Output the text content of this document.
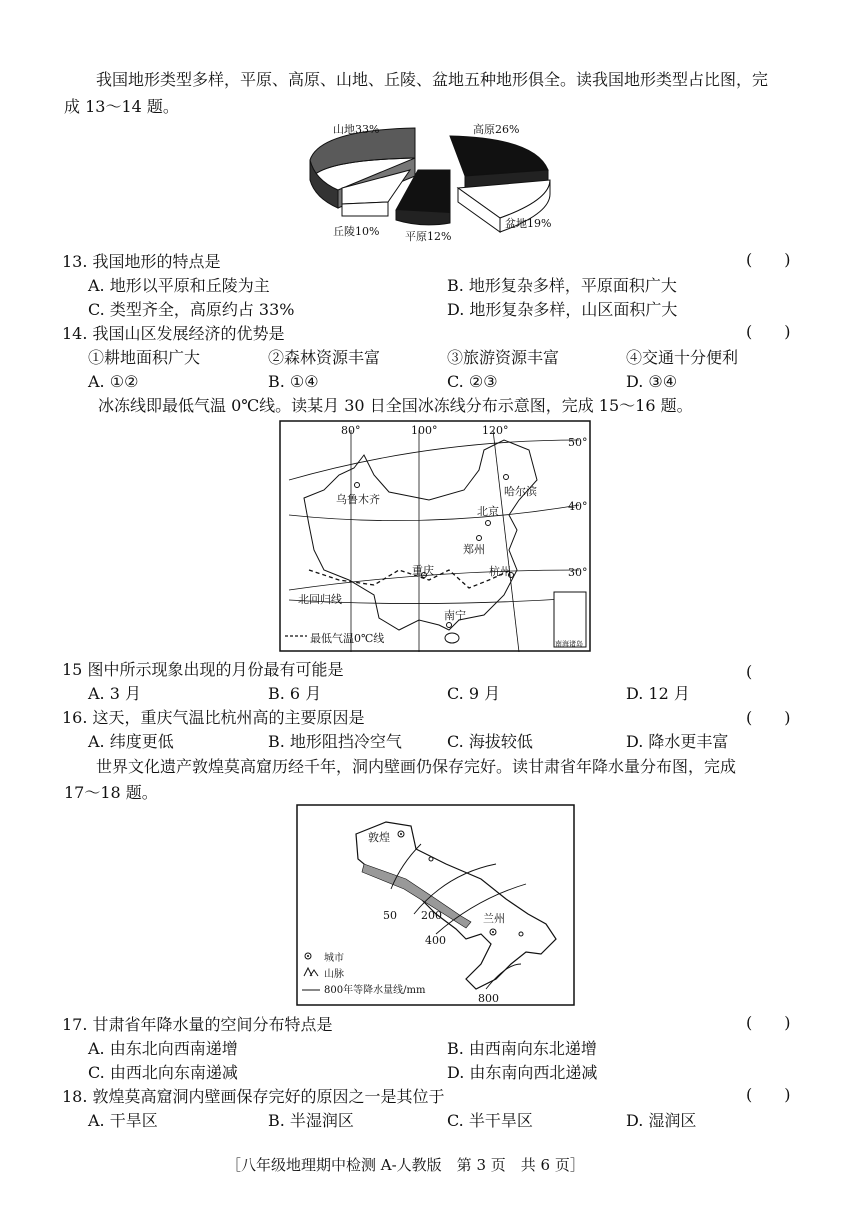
我国地形类型多样，平原、高原、山地、丘陵、盆地五种地形俱全。读我国地形类型占比图，完
成 13～14 题。
山地33%	高原26%
丘陵10% 平原12%
盆地19%
13. 我国地形的特点是	(　　)
A. 地形以平原和丘陵为主	B. 地形复杂多样，平原面积广大
C. 类型齐全，高原约占 33%	D. 地形复杂多样，山区面积广大
14. 我国山区发展经济的优势是	(　　)
①耕地面积广大	②森林资源丰富	③旅游资源丰富	④交通十分便利
A. ①②	B. ①④	C. ②③	D. ③④
冰冻线即最低气温 0℃线。读某月 30 日全国冰冻线分布示意图，完成 15～16 题。
80°	100°	120°
50°
40°
30°
乌鲁木齐
哈尔滨
北京
郑州
重庆	杭州
南宁
北回归线
最低气温0℃线	南海诸岛
15 图中所示现象出现的月份最有可能是	(
A. 3 月	B. 6 月	C. 9 月	D. 12 月
16. 这天，重庆气温比杭州高的主要原因是	(　　)
A. 纬度更低	B. 地形阻挡冷空气	C. 海拔较低	D. 降水更丰富
世界文化遗产敦煌莫高窟历经千年，洞内壁画仍保存完好。读甘肃省年降水量分布图，完成
17～18 题。
敦煌
兰州
50 200
400
800
城市
山脉
800年等降水量线/mm
17. 甘肃省年降水量的空间分布特点是	(　　)
A. 由东北向西南递增	B. 由西南向东北递增
C. 由西北向东南递减	D. 由东南向西北递减
18. 敦煌莫高窟洞内壁画保存完好的原因之一是其位于	(　　)
A. 干旱区	B. 半湿润区	C. 半干旱区	D. 湿润区
［八年级地理期中检测 A-人教版　第 3 页　共 6 页］
